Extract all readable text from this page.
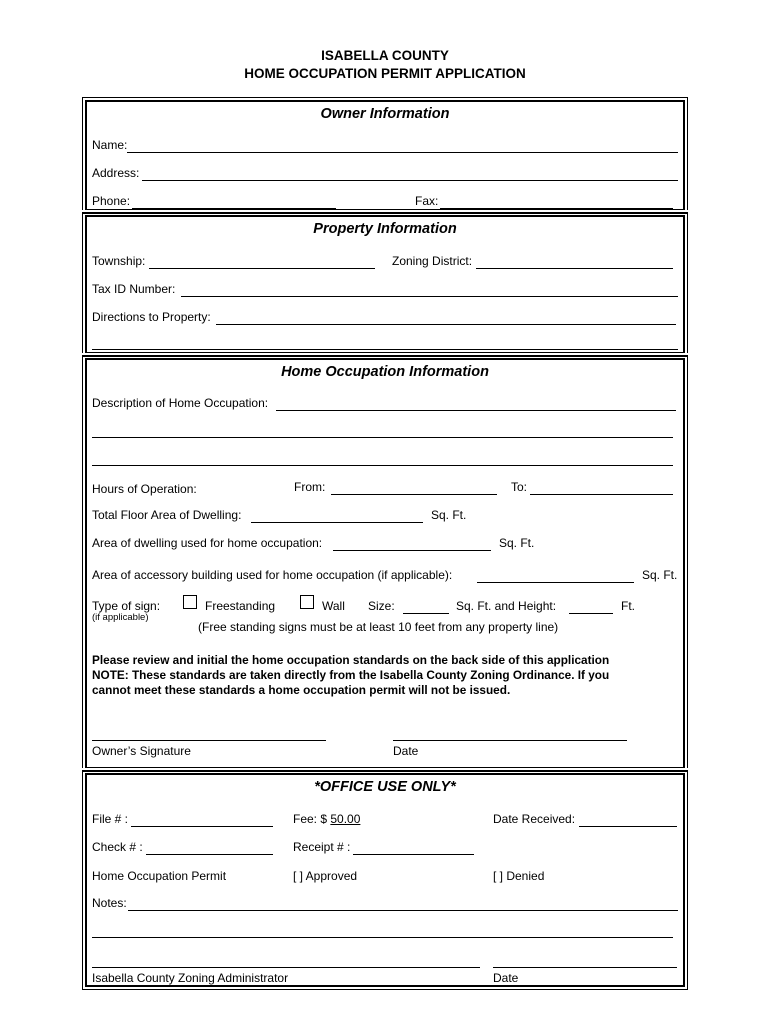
ISABELLA COUNTY
HOME OCCUPATION PERMIT APPLICATION
Owner Information
Name:
Address:
Phone:	Fax:
Property Information
Township:	Zoning District:
Tax ID Number:
Directions to Property:
Home Occupation Information
Description of Home Occupation:
Hours of Operation:	From:	To:
Total Floor Area of Dwelling:	Sq. Ft.
Area of dwelling used for home occupation:	Sq. Ft.
Area of accessory building used for home occupation (if applicable):	Sq. Ft.
Type of sign:
(if applicable)
Freestanding	Wall Size:	Sq. Ft. and Height:	Ft.
(Free standing signs must be at least 10 feet from any property line)
Please review and initial the home occupation standards on the back side of this application
NOTE: These standards are taken directly from the Isabella County Zoning Ordinance. If you
cannot meet these standards a home occupation permit will not be issued.
Owner’s Signature	Date
*OFFICE USE ONLY*
File # :	Fee: $ 50.00	Date Received:
Check # :	Receipt # :
Home Occupation Permit	[ ] Approved	[ ] Denied
Notes:
Isabella County Zoning Administrator	Date
